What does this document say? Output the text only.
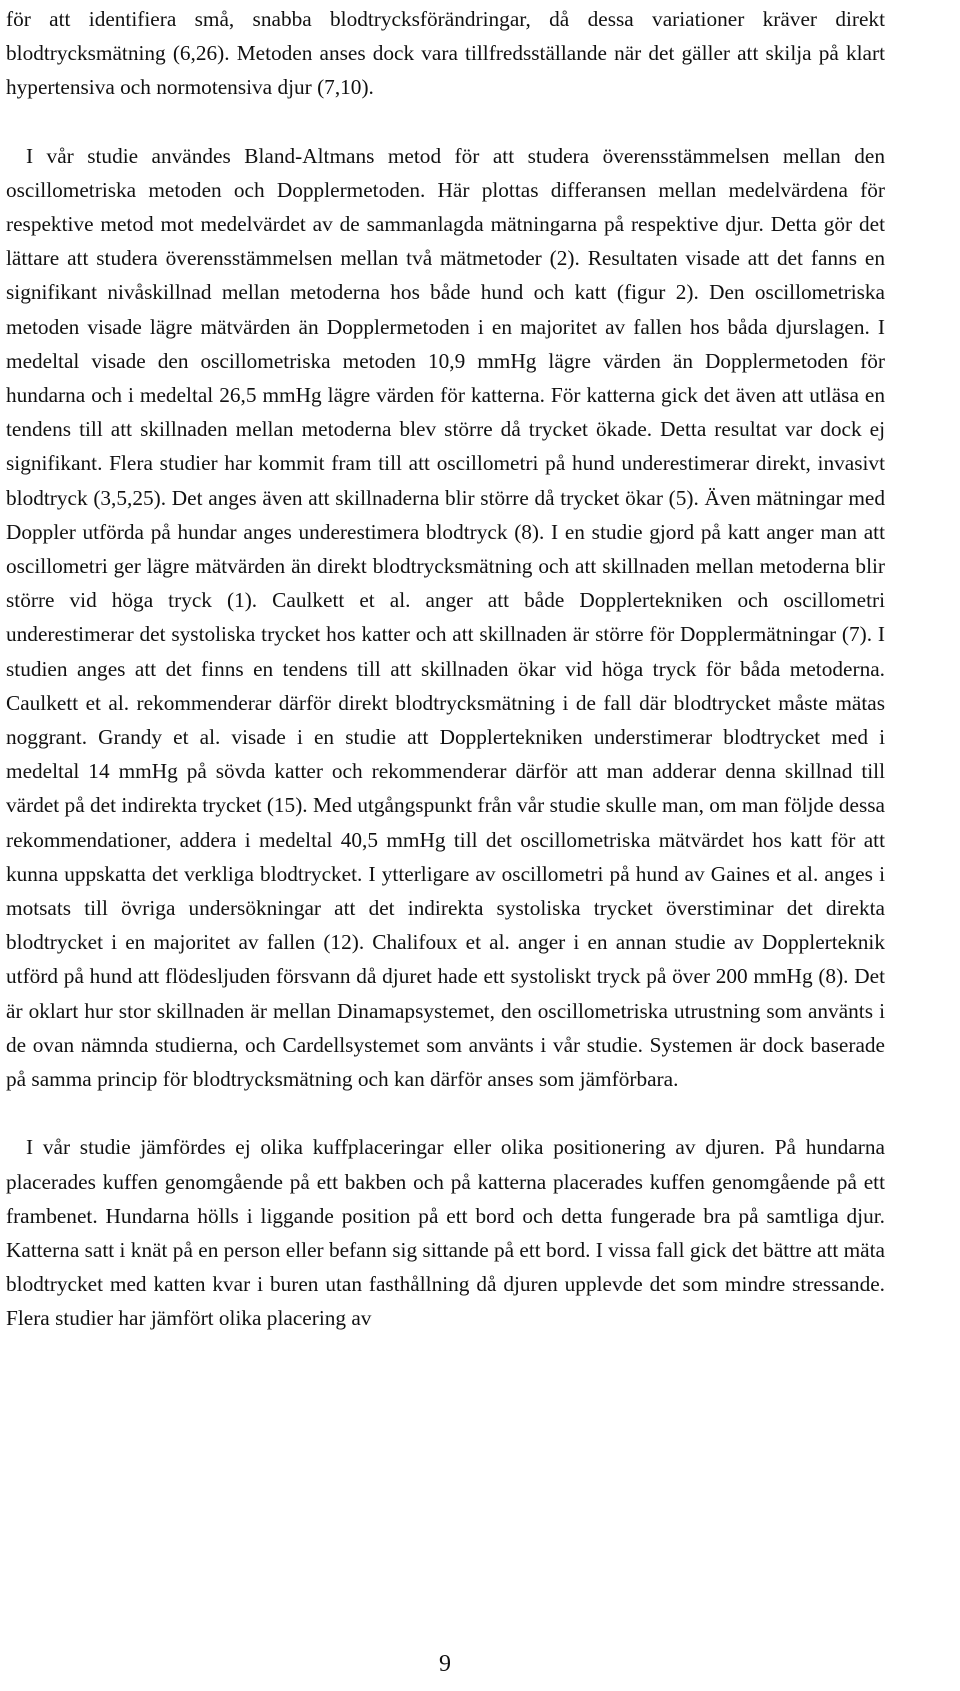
för att identifiera små, snabba blodtrycksförändringar, då dessa variationer kräver direkt blodtrycksmätning (6,26). Metoden anses dock vara tillfredsställande när det gäller att skilja på klart hypertensiva och normotensiva djur (7,10).

I vår studie användes Bland-Altmans metod för att studera överensstämmelsen mellan den oscillometriska metoden och Dopplermetoden. Här plottas differansen mellan medelvärdena för respektive metod mot medelvärdet av de sammanlagda mätningarna på respektive djur. Detta gör det lättare att studera överensstämmelsen mellan två mätmetoder (2). Resultaten visade att det fanns en signifikant nivåskillnad mellan metoderna hos både hund och katt (figur 2). Den oscillometriska metoden visade lägre mätvärden än Dopplermetoden i en majoritet av fallen hos båda djurslagen. I medeltal visade den oscillometriska metoden 10,9 mmHg lägre värden än Dopplermetoden för hundarna och i medeltal 26,5 mmHg lägre värden för katterna. För katterna gick det även att utläsa en tendens till att skillnaden mellan metoderna blev större då trycket ökade. Detta resultat var dock ej signifikant. Flera studier har kommit fram till att oscillometri på hund underestimerar direkt, invasivt blodtryck (3,5,25). Det anges även att skillnaderna blir större då trycket ökar (5). Även mätningar med Doppler utförda på hundar anges underestimera blodtryck (8). I en studie gjord på katt anger man att oscillometri ger lägre mätvärden än direkt blodtrycksmätning och att skillnaden mellan metoderna blir större vid höga tryck (1). Caulkett et al. anger att både Dopplertekniken och oscillometri underestimerar det systoliska trycket hos katter och att skillnaden är större för Dopplermätningar (7). I studien anges att det finns en tendens till att skillnaden ökar vid höga tryck för båda metoderna. Caulkett et al. rekommenderar därför direkt blodtrycksmätning i de fall där blodtrycket måste mätas noggrant. Grandy et al. visade i en studie att Dopplertekniken understimerar blodtrycket med i medeltal 14 mmHg på sövda katter och rekommenderar därför att man adderar denna skillnad till värdet på det indirekta trycket (15). Med utgångspunkt från vår studie skulle man, om man följde dessa rekommendationer, addera i medeltal 40,5 mmHg till det oscillometriska mätvärdet hos katt för att kunna uppskatta det verkliga blodtrycket. I ytterligare av oscillometri på hund av Gaines et al. anges i motsats till övriga undersökningar att det indirekta systoliska trycket överstiminar det direkta blodtrycket i en majoritet av fallen (12). Chalifoux et al. anger i en annan studie av Dopplerteknik utförd på hund att flödesljuden försvann då djuret hade ett systoliskt tryck på över 200 mmHg (8). Det är oklart hur stor skillnaden är mellan Dinamapsystemet, den oscillometriska utrustning som använts i de ovan nämnda studierna, och Cardellsystemet som använts i vår studie. Systemen är dock baserade på samma princip för blodtrycksmätning och kan därför anses som jämförbara.

I vår studie jämfördes ej olika kuffplaceringar eller olika positionering av djuren. På hundarna placerades kuffen genomgående på ett bakben och på katterna placerades kuffen genomgående på ett frambenet. Hundarna hölls i liggande position på ett bord och detta fungerade bra på samtliga djur. Katterna satt i knät på en person eller befann sig sittande på ett bord. I vissa fall gick det bättre att mäta blodtrycket med katten kvar i buren utan fasthållning då djuren upplevde det som mindre stressande. Flera studier har jämfört olika placering av

9
